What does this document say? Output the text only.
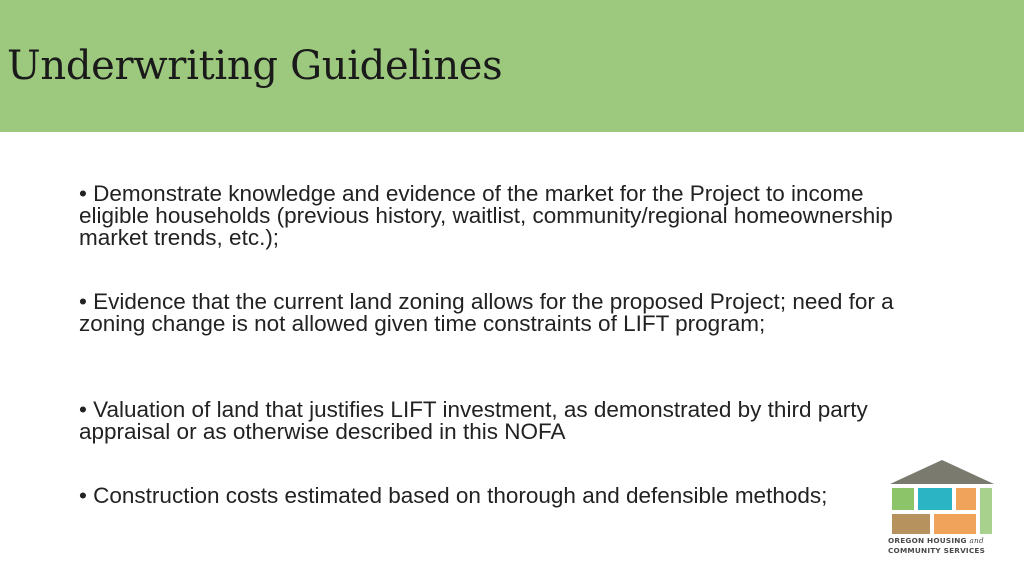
Underwriting Guidelines
• Demonstrate knowledge and evidence of the market for the Project to income eligible households (previous history, waitlist, community/regional homeownership market trends, etc.);
• Evidence that the current land zoning allows for the proposed Project; need for a zoning change is not allowed given time constraints of LIFT program;
• Valuation of land that justifies LIFT investment, as demonstrated by third party appraisal or as otherwise described in this NOFA
• Construction costs estimated based on thorough and defensible methods;
OREGON HOUSING and
COMMUNITY SERVICES
